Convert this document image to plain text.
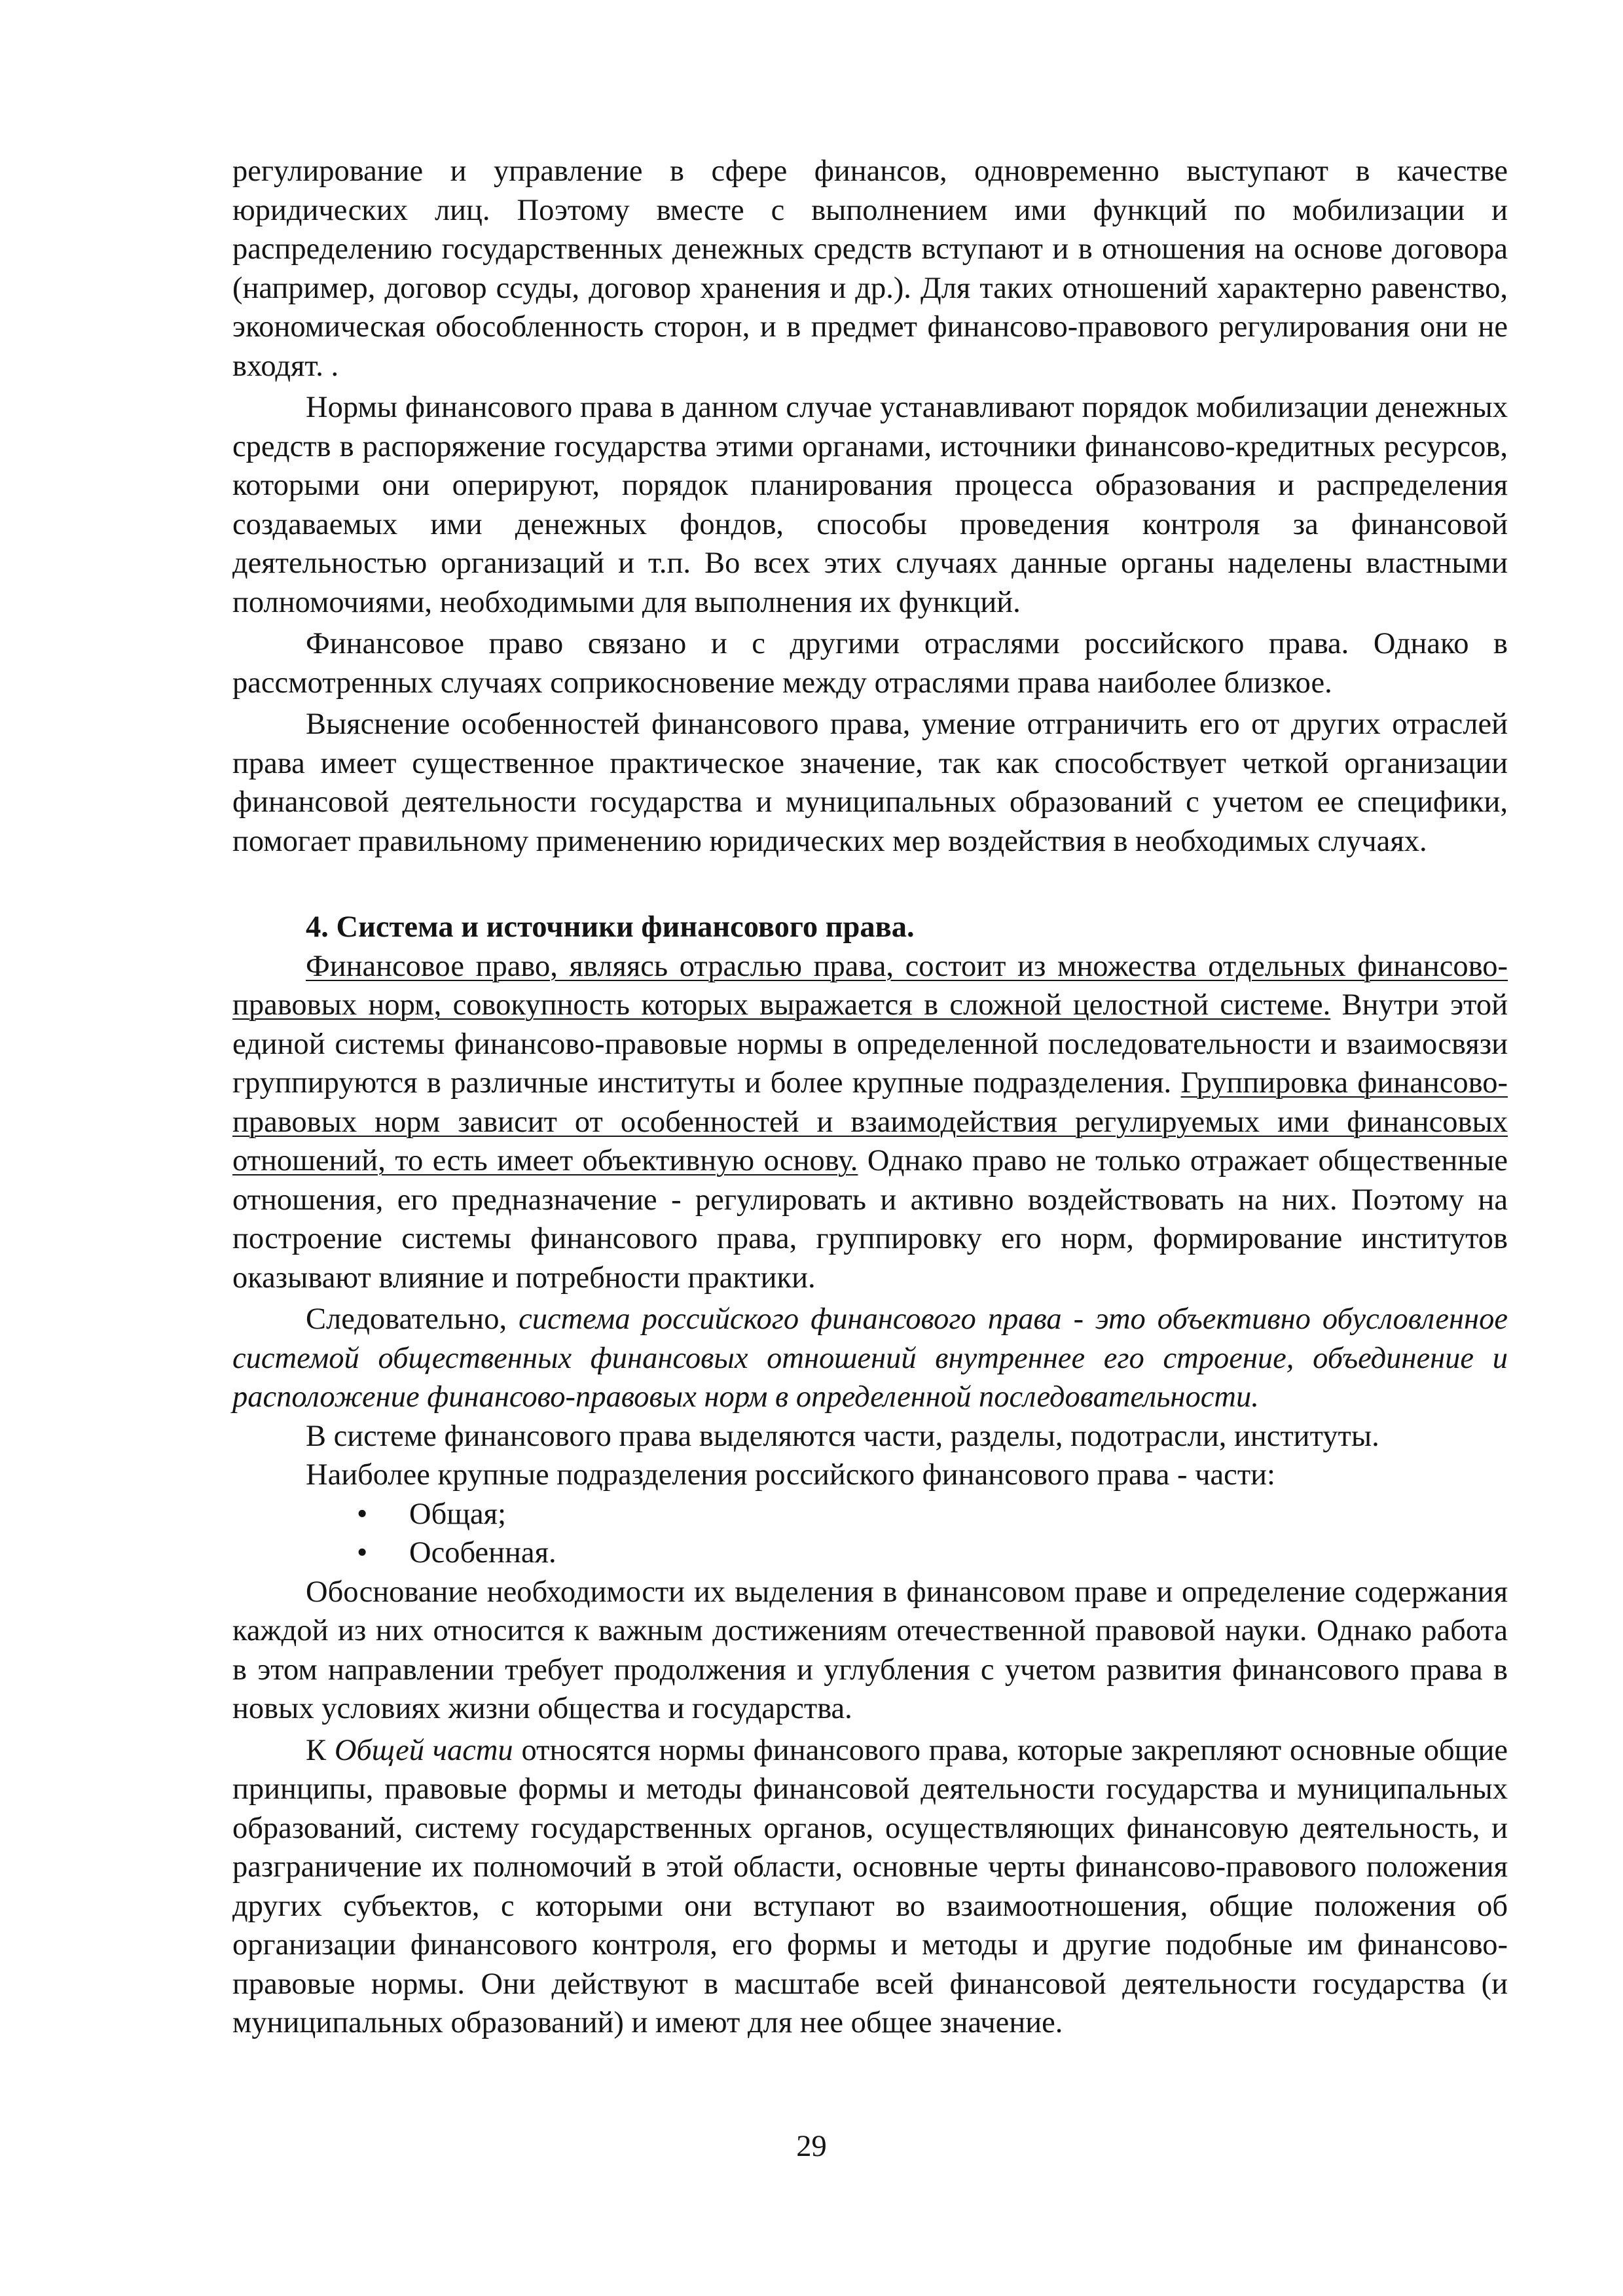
регулирование и управление в сфере финансов, одновременно выступают в качестве юридических лиц. Поэтому вместе с выполнением ими функций по мобилизации и распределению государственных денежных средств вступают и в отношения на основе договора (например, договор ссуды, договор хранения и др.). Для таких отношений характерно равенство, экономическая обособленность сторон, и в предмет финансово-правового регулирования они не входят. .

Нормы финансового права в данном случае устанавливают порядок мобилизации денежных средств в распоряжение государства этими органами, источники финансово-кредитных ресурсов, которыми они оперируют, порядок планирования процесса образования и распределения создаваемых ими денежных фондов, способы проведения контроля за финансовой деятельностью организаций и т.п. Во всех этих случаях данные органы наделены властными полномочиями, необходимыми для выполнения их функций.

Финансовое право связано и с другими отраслями российского права. Однако в рассмотренных случаях соприкосновение между отраслями права наиболее близкое.

Выяснение особенностей финансового права, умение отграничить его от других отраслей права имеет существенное практическое значение, так как способствует четкой организации финансовой деятельности государства и муниципальных образований с учетом ее специфики, помогает правильному применению юридических мер воздействия в необходимых случаях.

4. Система и источники финансового права.

Финансовое право, являясь отраслью права, состоит из множества отдельных финансово-правовых норм, совокупность которых выражается в сложной целостной системе. Внутри этой единой системы финансово-правовые нормы в определенной последовательности и взаимосвязи группируются в различные институты и более крупные подразделения. Группировка финансово-правовых норм зависит от особенностей и взаимодействия регулируемых ими финансовых отношений, то есть имеет объективную основу. Однако право не только отражает общественные отношения, его предназначение - регулировать и активно воздействовать на них. Поэтому на построение системы финансового права, группировку его норм, формирование институтов оказывают влияние и потребности практики.

Следовательно, система российского финансового права - это объективно обусловленное системой общественных финансовых отношений внутреннее его строение, объединение и расположение финансово-правовых норм в определенной последовательности.

В системе финансового права выделяются части, разделы, подотрасли, институты.

Наиболее крупные подразделения российского финансового права - части:

• Общая;
• Особенная.

Обоснование необходимости их выделения в финансовом праве и определение содержания каждой из них относится к важным достижениям отечественной правовой науки. Однако работа в этом направлении требует продолжения и углубления с учетом развития финансового права в новых условиях жизни общества и государства.

К Общей части относятся нормы финансового права, которые закрепляют основные общие принципы, правовые формы и методы финансовой деятельности государства и муниципальных образований, систему государственных органов, осуществляющих финансовую деятельность, и разграничение их полномочий в этой области, основные черты финансово-правового положения других субъектов, с которыми они вступают во взаимоотношения, общие положения об организации финансового контроля, его формы и методы и другие подобные им финансово-правовые нормы. Они действуют в масштабе всей финансовой деятельности государства (и муниципальных образований) и имеют для нее общее значение.

29
